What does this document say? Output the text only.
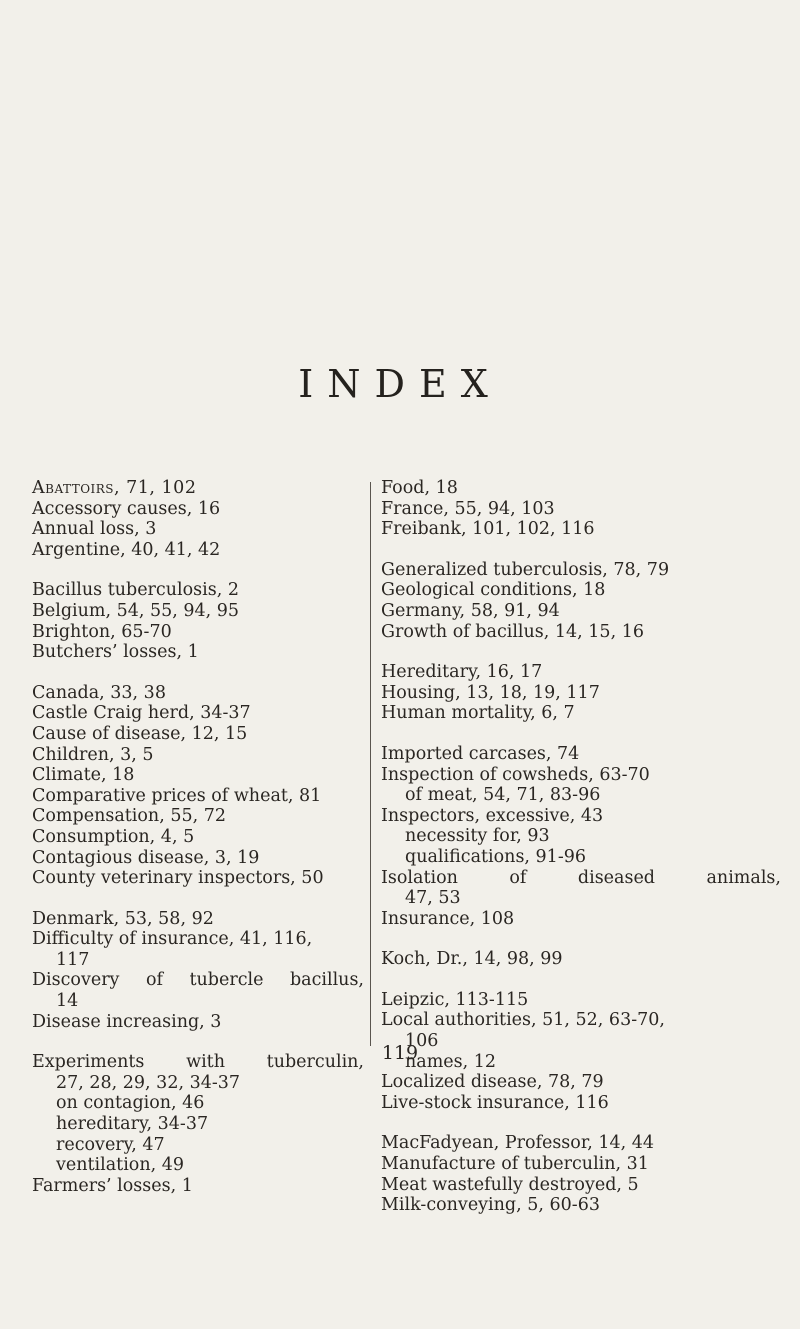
INDEX
Abattoirs, 71, 102
Accessory causes, 16
Annual loss, 3
Argentine, 40, 41, 42
Bacillus tuberculosis, 2
Belgium, 54, 55, 94, 95
Brighton, 65-70
Butchers’ losses, 1
Canada, 33, 38
Castle Craig herd, 34-37
Cause of disease, 12, 15
Children, 3, 5
Climate, 18
Comparative prices of wheat, 81
Compensation, 55, 72
Consumption, 4, 5
Contagious disease, 3, 19
County veterinary inspectors, 50
Denmark, 53, 58, 92
Difficulty of insurance, 41, 116,
117
Discovery of tubercle bacillus,
14
Disease increasing, 3
Experiments with tuberculin,
27, 28, 29, 32, 34-37
on contagion, 46
hereditary, 34-37
recovery, 47
ventilation, 49
Farmers’ losses, 1
Food, 18
France, 55, 94, 103
Freibank, 101, 102, 116
Generalized tuberculosis, 78, 79
Geological conditions, 18
Germany, 58, 91, 94
Growth of bacillus, 14, 15, 16
Hereditary, 16, 17
Housing, 13, 18, 19, 117
Human mortality, 6, 7
Imported carcases, 74
Inspection of cowsheds, 63-70
of meat, 54, 71, 83-96
Inspectors, excessive, 43
necessity for, 93
qualifications, 91-96
Isolation	of	diseased	animals,
47, 53
Insurance, 108
Koch, Dr., 14, 98, 99
Leipzic, 113-115
Local authorities, 51, 52, 63-70,
106
names, 12
Localized disease, 78, 79
Live-stock insurance, 116
MacFadyean, Professor, 14, 44
Manufacture of tuberculin, 31
Meat wastefully destroyed, 5
Milk-conveying, 5, 60-63
119
